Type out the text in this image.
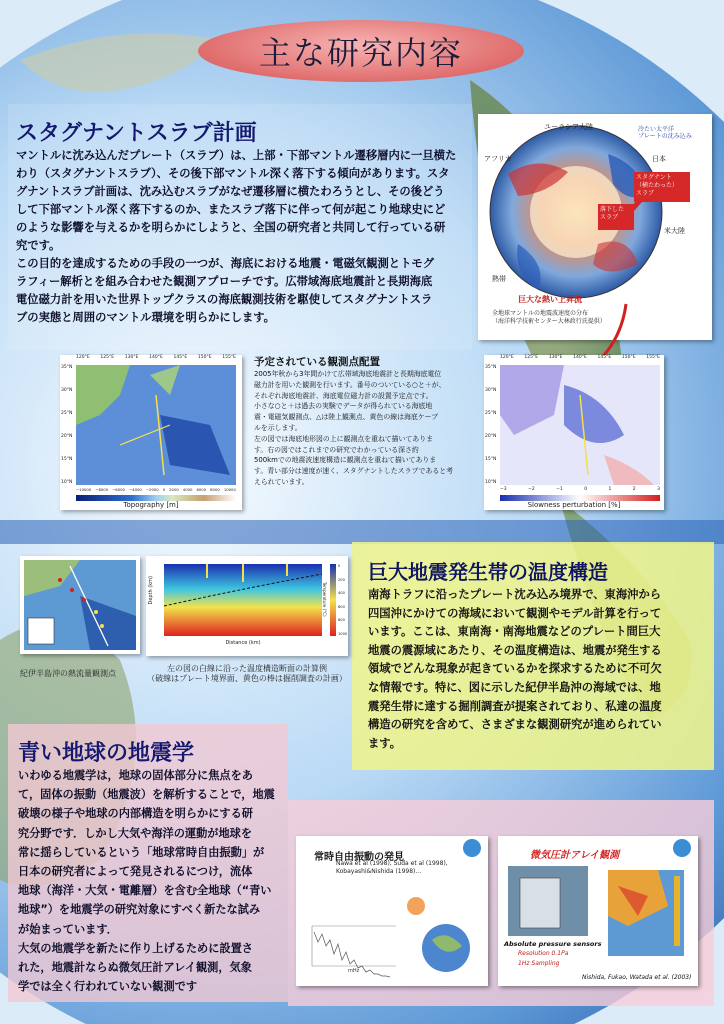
主な研究内容
スタグナントスラブ計画
マントルに沈み込んだプレート（スラブ）は、上部・下部マントル遷移層内に一旦横た
わり（スタグナントスラブ）、その後下部マントル深く落下する傾向があります。スタ
グナントスラブ計画は、沈み込むスラブがなぜ遷移層に横たわろうとし、その後どう
して下部マントル深く落下するのか、またスラブ落下に伴って何が起こり地球史にど
のような影響を与えるかを明らかにしようと、全国の研究者と共同して行っている研
究です。
この目的を達成するための手段の一つが、海底における地震・電磁気観測とトモグ
ラフィー解析とを組み合わせた観測アプローチです。広帯域海底地震計と長期海底
電位磁力計を用いた世界トップクラスの海底観測技術を駆使してスタグナントスラ
ブの実態と周囲のマントル環境を明らかにします。
ユーラシア大陸
アフリカ
冷たい太平洋
プレートの沈み込み
日本
スタグナント
（横たわった）
スラブ
落下した
スラブ
米大陸
熱帯
巨大な熱い上昇流
全地球マントルの地震波速度の分布
（海洋科学技術センター大林政行氏提供）
120°E 125°E 130°E 140°E 145°E 150°E 155°E
35°N
30°N
25°N
20°N
15°N
10°N
−10000 −8000 −6000 −4000 −2000 0 2000 4000 6000 8000 10000
Topography [m]
予定されている観測点配置
2005年秋から3年間かけて広帯域海底地震計と長期海底電位
磁力計を用いた観測を行います。番号のついている○と＋が、
それぞれ海底地震計、海底電位磁力計の設置予定点です。
小さな○と＋は過去の実験でデータが得られている海底地
震・電磁気観測点、△は陸上観測点、黄色の線は海底ケーブ
ルを示します。
左の図では海底地形図の上に観測点を重ねて描いてありま
す。右の図ではこれまでの研究でわかっている深さ約
500kmでの地震波速度構造に観測点を重ねて描いてありま
す。青い部分は速度が速く、スタグナントしたスラブであると考
えられています。
120°E 125°E 130°E 140°E 145°E 150°E 155°E
35°N
30°N
25°N
20°N
15°N
10°N
−3	−2	−1	0	1	2	3
Slowness perturbation [%]
巨大地震発生帯の温度構造
南海トラフに沿ったプレート沈み込み境界で、東海沖から
四国沖にかけての海域において観測やモデル計算を行って
います。ここは、東南海・南海地震などのプレート間巨大
地震の震源域にあたり、その温度構造は、地震が発生する
領域でどんな現象が起きているかを探求するために不可欠
な情報です。特に、図に示した紀伊半島沖の海域では、地
震発生帯に達する掘削調査が提案されており、私達の温度
構造の研究を含めて、さまざまな観測研究が進められてい
ます。
紀伊半島沖の熱流量観測点
Depth (km)
Distance (km)
0
200
400
600
800
1000
Temperature (°C)
左の図の白線に沿った温度構造断面の計算例
（破線はプレート境界面、黄色の棒は掘削調査の計画）
青い地球の地震学
いわゆる地震学は，地球の固体部分に焦点をあ
て，固体の振動（地震波）を解析することで，地震
破壊の様子や地球の内部構造を明らかにする研
究分野です．しかし大気や海洋の運動が地球を
常に揺らしているという「地球常時自由振動」が
日本の研究者によって発見されるにつけ，流体
地球（海洋・大気・電離層）を含む全地球（“青い
地球”）を地震学の研究対象にすべく新たな試み
が始まっています．
大気の地震学を新たに作り上げるために設置さ
れた，地震計ならぬ微気圧計アレイ観測，気象
学では全く行われていない観測です
常時自由振動の発見
Nawa et al (1998), Suda et al (1998),
Kobayashi&Nishida (1998)...
mHz
微気圧計アレイ観測
Absolute pressure sensors
Resolution 0.1Pa
1Hz Sampling
Nishida, Fukao, Watada et al. (2003)
